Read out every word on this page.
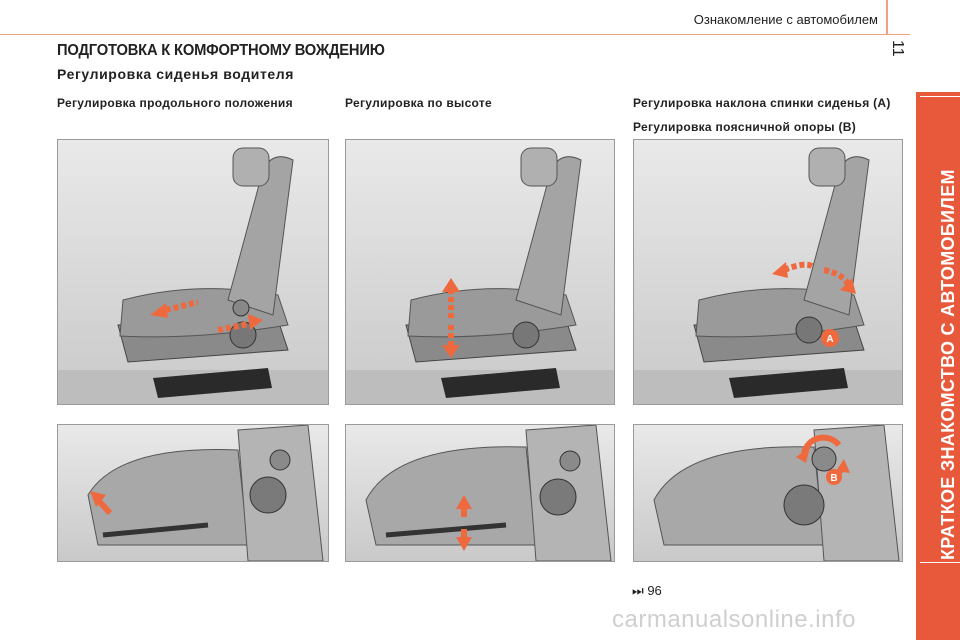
Ознакомление с автомобилем
11
КРАТКОЕ ЗНАКОМСТВО С АВТОМОБИЛЕМ
ПОДГОТОВКА К КОМФОРТНОМУ ВОЖДЕНИЮ
Регулировка сиденья водителя
Регулировка продольного положения	Регулировка по высоте	Регулировка наклона спинки сиденья (A)
Регулировка поясничной опоры (B)
A
B
⏭ 96
carmanualsonline.info
